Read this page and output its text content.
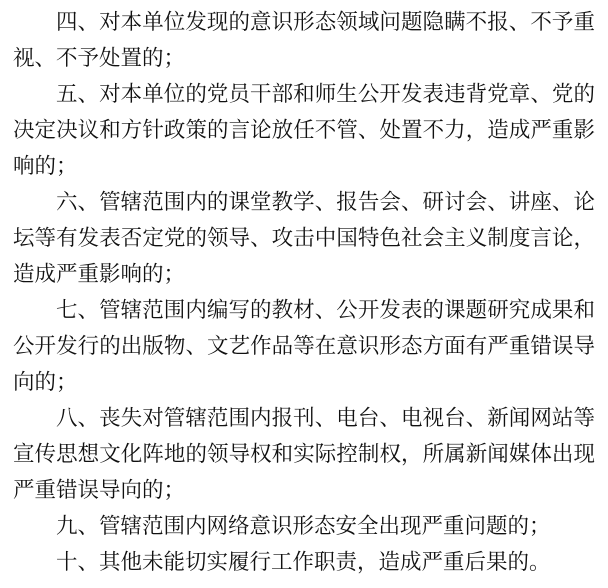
四、对本单位发现的意识形态领域问题隐瞒不报、不予重视、不予处置的；

五、对本单位的党员干部和师生公开发表违背党章、党的决定决议和方针政策的言论放任不管、处置不力，造成严重影响的；

六、管辖范围内的课堂教学、报告会、研讨会、讲座、论坛等有发表否定党的领导、攻击中国特色社会主义制度言论，造成严重影响的；

七、管辖范围内编写的教材、公开发表的课题研究成果和公开发行的出版物、文艺作品等在意识形态方面有严重错误导向的；

八、丧失对管辖范围内报刊、电台、电视台、新闻网站等宣传思想文化阵地的领导权和实际控制权，所属新闻媒体出现严重错误导向的；

九、管辖范围内网络意识形态安全出现严重问题的；

十、其他未能切实履行工作职责，造成严重后果的。
